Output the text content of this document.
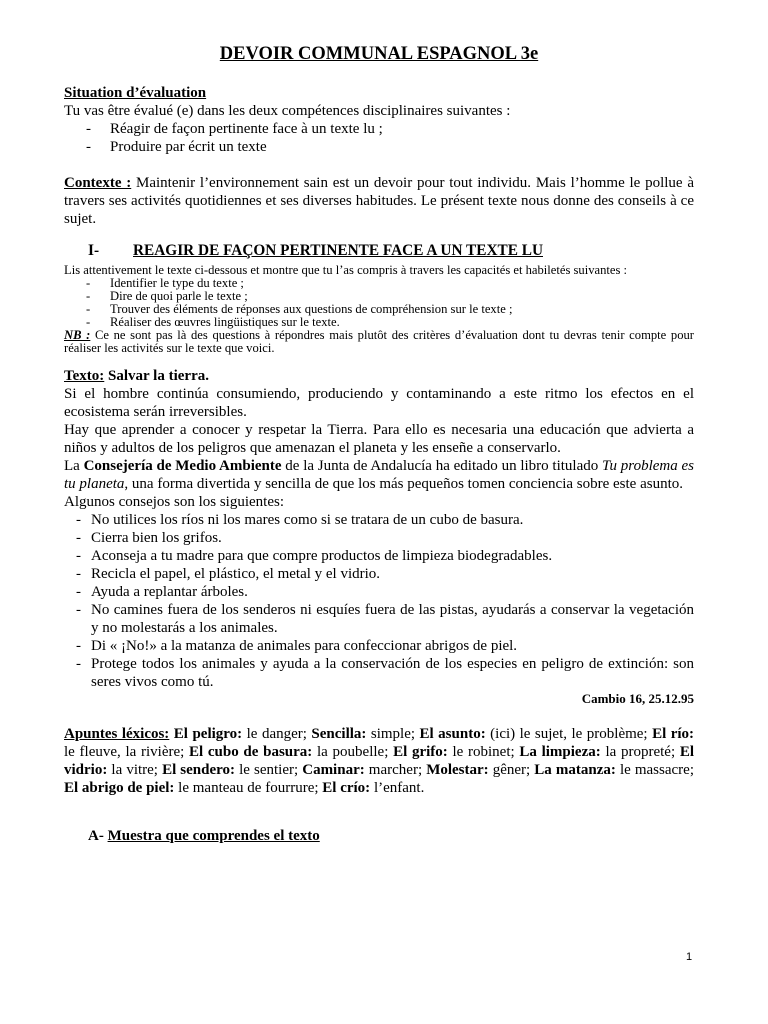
DEVOIR COMMUNAL ESPAGNOL 3e

Situation d’évaluation

Tu vas être évalué (e) dans les deux compétences disciplinaires suivantes :

- Réagir de façon pertinente face à un texte lu ;
- Produire par écrit un texte

Contexte : Maintenir l’environnement sain est un devoir pour tout individu. Mais l’homme le pollue à travers ses activités quotidiennes et ses diverses habitudes. Le présent texte nous donne des conseils à ce sujet.

I-	REAGIR DE FAÇON PERTINENTE FACE A UN TEXTE LU

Lis attentivement le texte ci-dessous et montre que tu l’as compris à travers les capacités et habiletés suivantes :

- Identifier le type du texte ;
- Dire de quoi parle le texte ;
- Trouver des éléments de réponses aux questions de compréhension sur le texte ;
- Réaliser des œuvres lingüistiques sur le texte.

NB : Ce ne sont pas là des questions à répondres mais plutôt des critères d’évaluation dont tu devras tenir compte pour réaliser les activités sur le texte que voici.

Texto: Salvar la tierra.

Si el hombre continúa consumiendo, produciendo y contaminando a este ritmo los efectos en el ecosistema serán irreversibles.

Hay que aprender a conocer y respetar la Tierra. Para ello es necesaria una educación que advierta a niños y adultos de los peligros que amenazan el planeta y les enseñe a conservarlo.

La Consejería de Medio Ambiente de la Junta de Andalucía ha editado un libro titulado Tu problema es tu planeta, una forma divertida y sencilla de que los más pequeños tomen conciencia sobre este asunto.

Algunos consejos son los siguientes:

- No utilices los ríos ni los mares como si se tratara de un cubo de basura.
- Cierra bien los grifos.
- Aconseja a tu madre para que compre productos de limpieza biodegradables.
- Recicla el papel, el plástico, el metal y el vidrio.
- Ayuda a replantar árboles.
- No camines fuera de los senderos ni esquíes fuera de las pistas, ayudarás a conservar la vegetación y no molestarás a los animales.
- Di « ¡No!» a la matanza de animales para confeccionar abrigos de piel.
- Protege todos los animales y ayuda a la conservación de los especies en peligro de extinción: son seres vivos como tú.

Cambio 16, 25.12.95

Apuntes léxicos: El peligro: le danger; Sencilla: simple; El asunto: (ici) le sujet, le problème; El río: le fleuve, la rivière; El cubo de basura: la poubelle; El grifo: le robinet; La limpieza: la propreté; El vidrio: la vitre; El sendero: le sentier; Caminar: marcher; Molestar: gêner; La matanza: le massacre; El abrigo de piel: le manteau de fourrure; El crío: l’enfant.

A- Muestra que comprendes el texto

1
